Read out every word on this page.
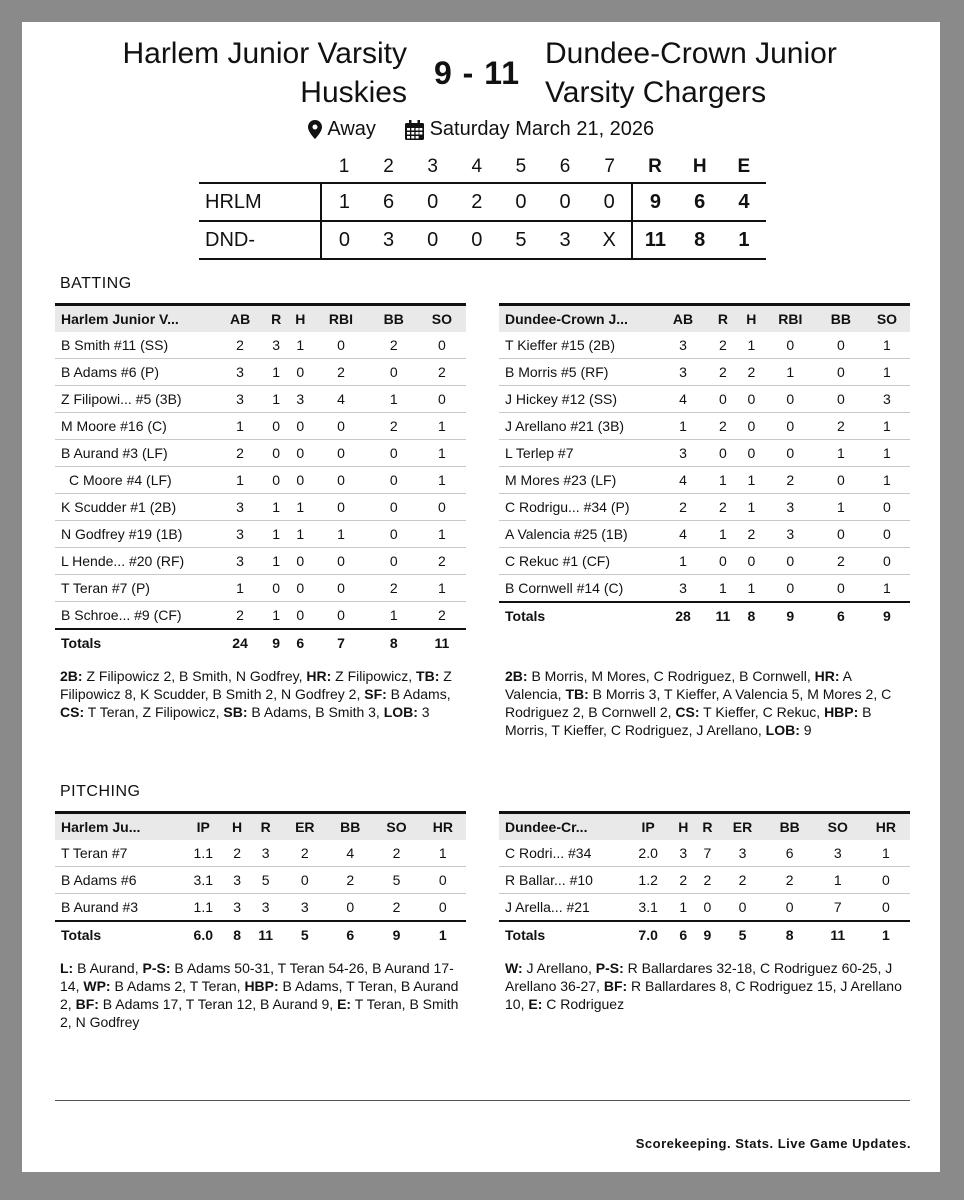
Harlem Junior Varsity Huskies
9 - 11
Dundee-Crown Junior Varsity Chargers
Away	Saturday March 21, 2026
	1	2	3	4	5	6	7	R	H	E
HRLM	1	6	0	2	0	0	0	9	6	4
DND-	0	3	0	0	5	3	X	11	8	1
BATTING
Harlem Junior V...	AB	R	H	RBI	BB	SO
B Smith #11 (SS)	2	3	1	0	2	0
B Adams #6 (P)	3	1	0	2	0	2
Z Filipowi... #5 (3B)	3	1	3	4	1	0
M Moore #16 (C)	1	0	0	0	2	1
B Aurand #3 (LF)	2	0	0	0	0	1
C Moore #4 (LF)	1	0	0	0	0	1
K Scudder #1 (2B)	3	1	1	0	0	0
N Godfrey #19 (1B)	3	1	1	1	0	1
L Hende... #20 (RF)	3	1	0	0	0	2
T Teran #7 (P)	1	0	0	0	2	1
B Schroe... #9 (CF)	2	1	0	0	1	2
Totals	24	9	6	7	8	11
Dundee-Crown J...	AB	R	H	RBI	BB	SO
T Kieffer #15 (2B)	3	2	1	0	0	1
B Morris #5 (RF)	3	2	2	1	0	1
J Hickey #12 (SS)	4	0	0	0	0	3
J Arellano #21 (3B)	1	2	0	0	2	1
L Terlep #7	3	0	0	0	1	1
M Mores #23 (LF)	4	1	1	2	0	1
C Rodrigu... #34 (P)	2	2	1	3	1	0
A Valencia #25 (1B)	4	1	2	3	0	0
C Rekuc #1 (CF)	1	0	0	0	2	0
B Cornwell #14 (C)	3	1	1	0	0	1
Totals	28	11	8	9	6	9
2B: Z Filipowicz 2, B Smith, N Godfrey, HR: Z Filipowicz, TB: Z Filipowicz 8, K Scudder, B Smith 2, N Godfrey 2, SF: B Adams, CS: T Teran, Z Filipowicz, SB: B Adams, B Smith 3, LOB: 3
2B: B Morris, M Mores, C Rodriguez, B Cornwell, HR: A Valencia, TB: B Morris 3, T Kieffer, A Valencia 5, M Mores 2, C Rodriguez 2, B Cornwell 2, CS: T Kieffer, C Rekuc, HBP: B Morris, T Kieffer, C Rodriguez, J Arellano, LOB: 9
PITCHING
Harlem Ju...	IP	H	R	ER	BB	SO	HR
T Teran #7	1.1	2	3	2	4	2	1
B Adams #6	3.1	3	5	0	2	5	0
B Aurand #3	1.1	3	3	3	0	2	0
Totals	6.0	8	11	5	6	9	1
Dundee-Cr...	IP	H	R	ER	BB	SO	HR
C Rodri... #34	2.0	3	7	3	6	3	1
R Ballar... #10	1.2	2	2	2	2	1	0
J Arella... #21	3.1	1	0	0	0	7	0
Totals	7.0	6	9	5	8	11	1
L: B Aurand, P-S: B Adams 50-31, T Teran 54-26, B Aurand 17-14, WP: B Adams 2, T Teran, HBP: B Adams, T Teran, B Aurand 2, BF: B Adams 17, T Teran 12, B Aurand 9, E: T Teran, B Smith 2, N Godfrey
W: J Arellano, P-S: R Ballardares 32-18, C Rodriguez 60-25, J Arellano 36-27, BF: R Ballardares 8, C Rodriguez 15, J Arellano 10, E: C Rodriguez
Scorekeeping. Stats. Live Game Updates.
